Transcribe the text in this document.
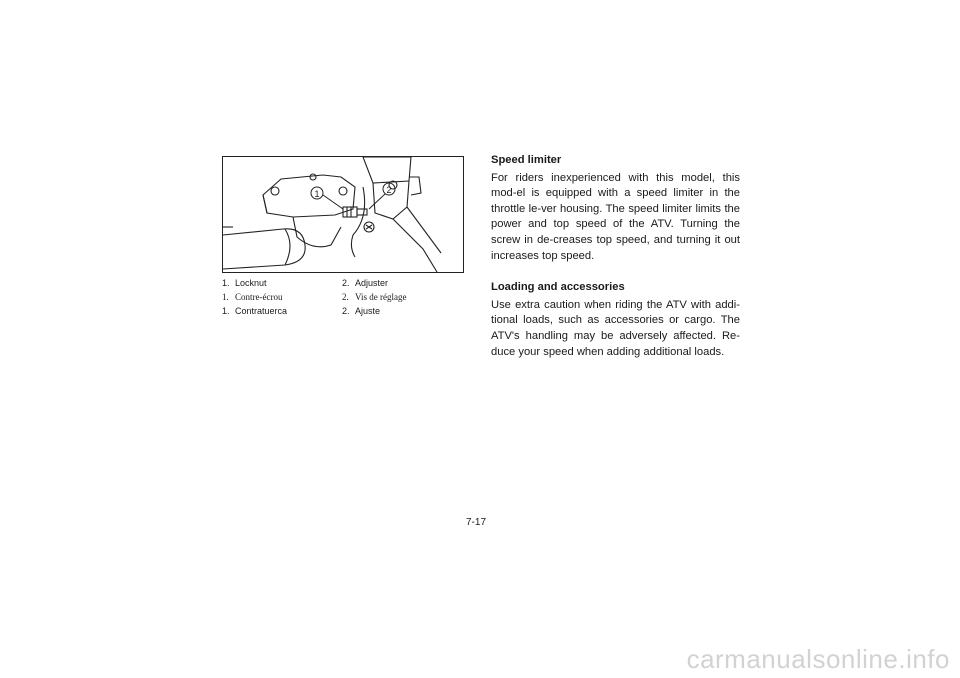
1	2
1. Locknut	2. Adjuster
1. Contre-écrou	2. Vis de réglage
1. Contratuerca	2. Ajuste

Speed limiter

For riders inexperienced with this model, this mod-el is equipped with a speed limiter in the throttle le-ver housing. The speed limiter limits the power and top speed of the ATV. Turning the screw in de-creases top speed, and turning it out increases top speed.

Loading and accessories

Use extra caution when riding the ATV with addi-tional loads, such as accessories or cargo. The ATV's handling may be adversely affected. Re-duce your speed when adding additional loads.

7-17
carmanualsonline.info
